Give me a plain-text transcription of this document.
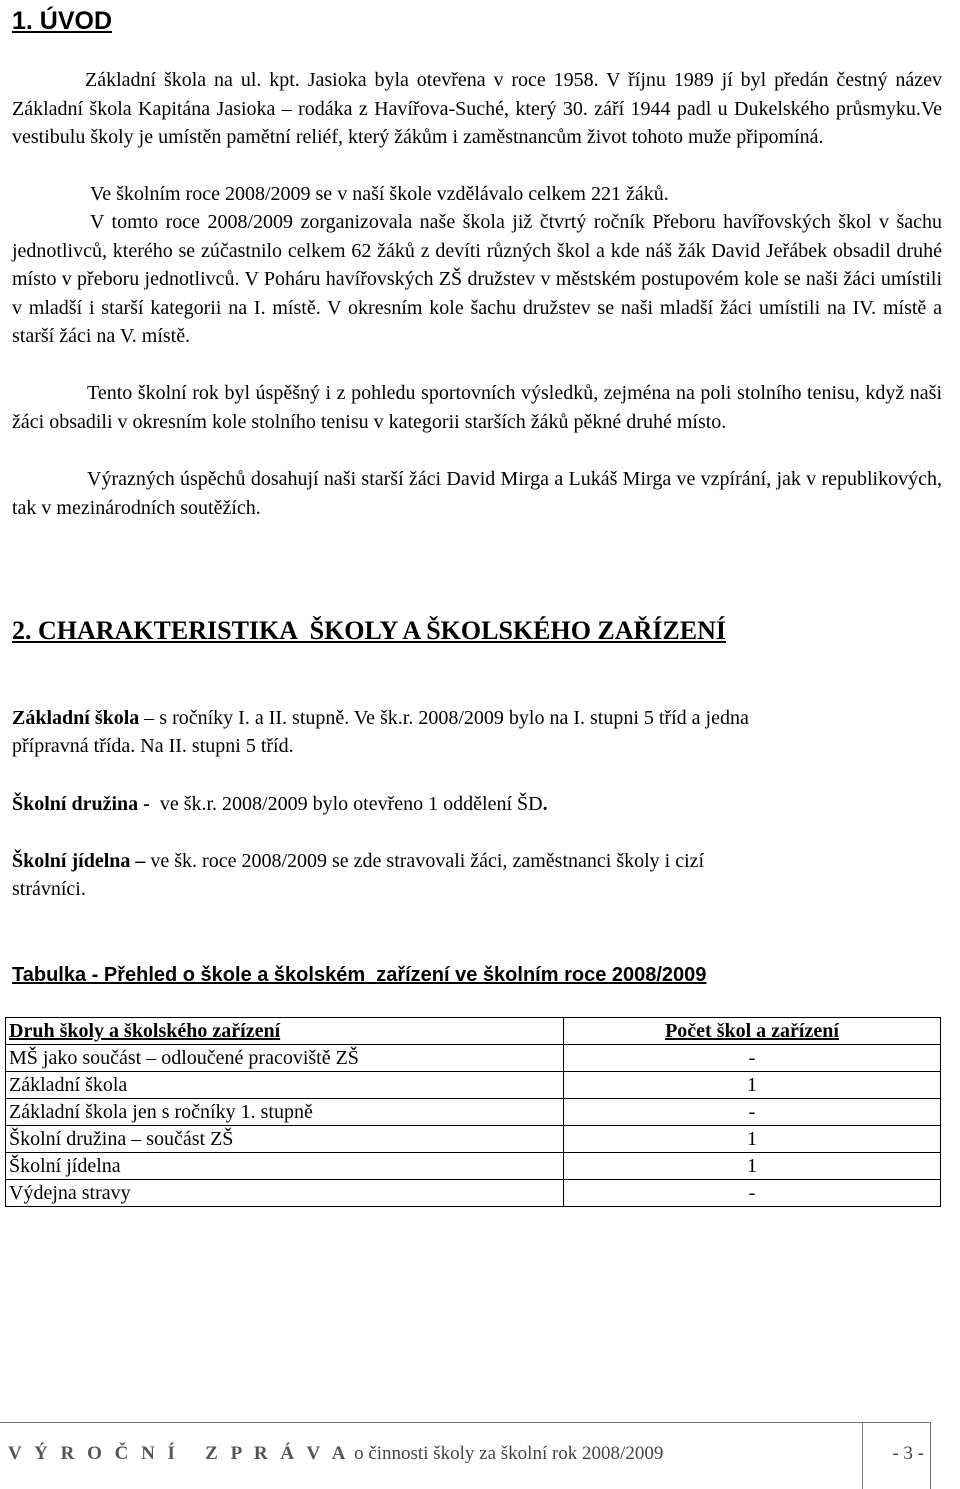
1. ÚVOD

Základní škola na ul. kpt. Jasioka byla otevřena v roce 1958. V říjnu 1989 jí byl předán čestný název Základní škola Kapitána Jasioka – rodáka z Havířova-Suché, který 30. září 1944 padl u Dukelského průsmyku.Ve vestibulu školy je umístěn pamětní reliéf, který žákům i zaměstnancům život tohoto muže připomíná.

Ve školním roce 2008/2009 se v naší škole vzdělávalo celkem 221 žáků.

V tomto roce 2008/2009 zorganizovala naše škola již čtvrtý ročník Přeboru havířovských škol v šachu jednotlivců, kterého se zúčastnilo celkem 62 žáků z devíti různých škol a kde náš žák David Jeřábek obsadil druhé místo v přeboru jednotlivců. V Poháru havířovských ZŠ družstev v městském postupovém kole se naši žáci umístili v mladší i starší kategorii na I. místě. V okresním kole šachu družstev se naši mladší žáci umístili na IV. místě a starší žáci na V. místě.

Tento školní rok byl úspěšný i z pohledu sportovních výsledků, zejména na poli stolního tenisu, když naši žáci obsadili v okresním kole stolního tenisu v kategorii starších žáků pěkné druhé místo.

Výrazných úspěchů dosahují naši starší žáci David Mirga a Lukáš Mirga ve vzpírání, jak v republikových, tak v mezinárodních soutěžích.

2. CHARAKTERISTIKA  ŠKOLY A ŠKOLSKÉHO ZAŘÍZENÍ
Základní škola – s ročníky I. a II. stupně. Ve šk.r. 2008/2009 bylo na I. stupni 5 tříd a jedna
přípravná třída. Na II. stupni 5 tříd.
Školní družina -  ve šk.r. 2008/2009 bylo otevřeno 1 oddělení ŠD.
Školní jídelna – ve šk. roce 2008/2009 se zde stravovali žáci, zaměstnanci školy i cizí
strávníci.
Tabulka - Přehled o škole a školském  zařízení ve školním roce 2008/2009
Druh školy a školského zařízení	Počet škol a zařízení
MŠ jako součást – odloučené pracoviště ZŠ	-
Základní škola	1
Základní škola jen s ročníky 1. stupně	-
Školní družina – součást ZŠ	1
Školní jídelna	1
Výdejna stravy	-
V Ý R O Č N Í   Z P R Á V A o činnosti školy za školní rok 2008/2009	- 3 -
